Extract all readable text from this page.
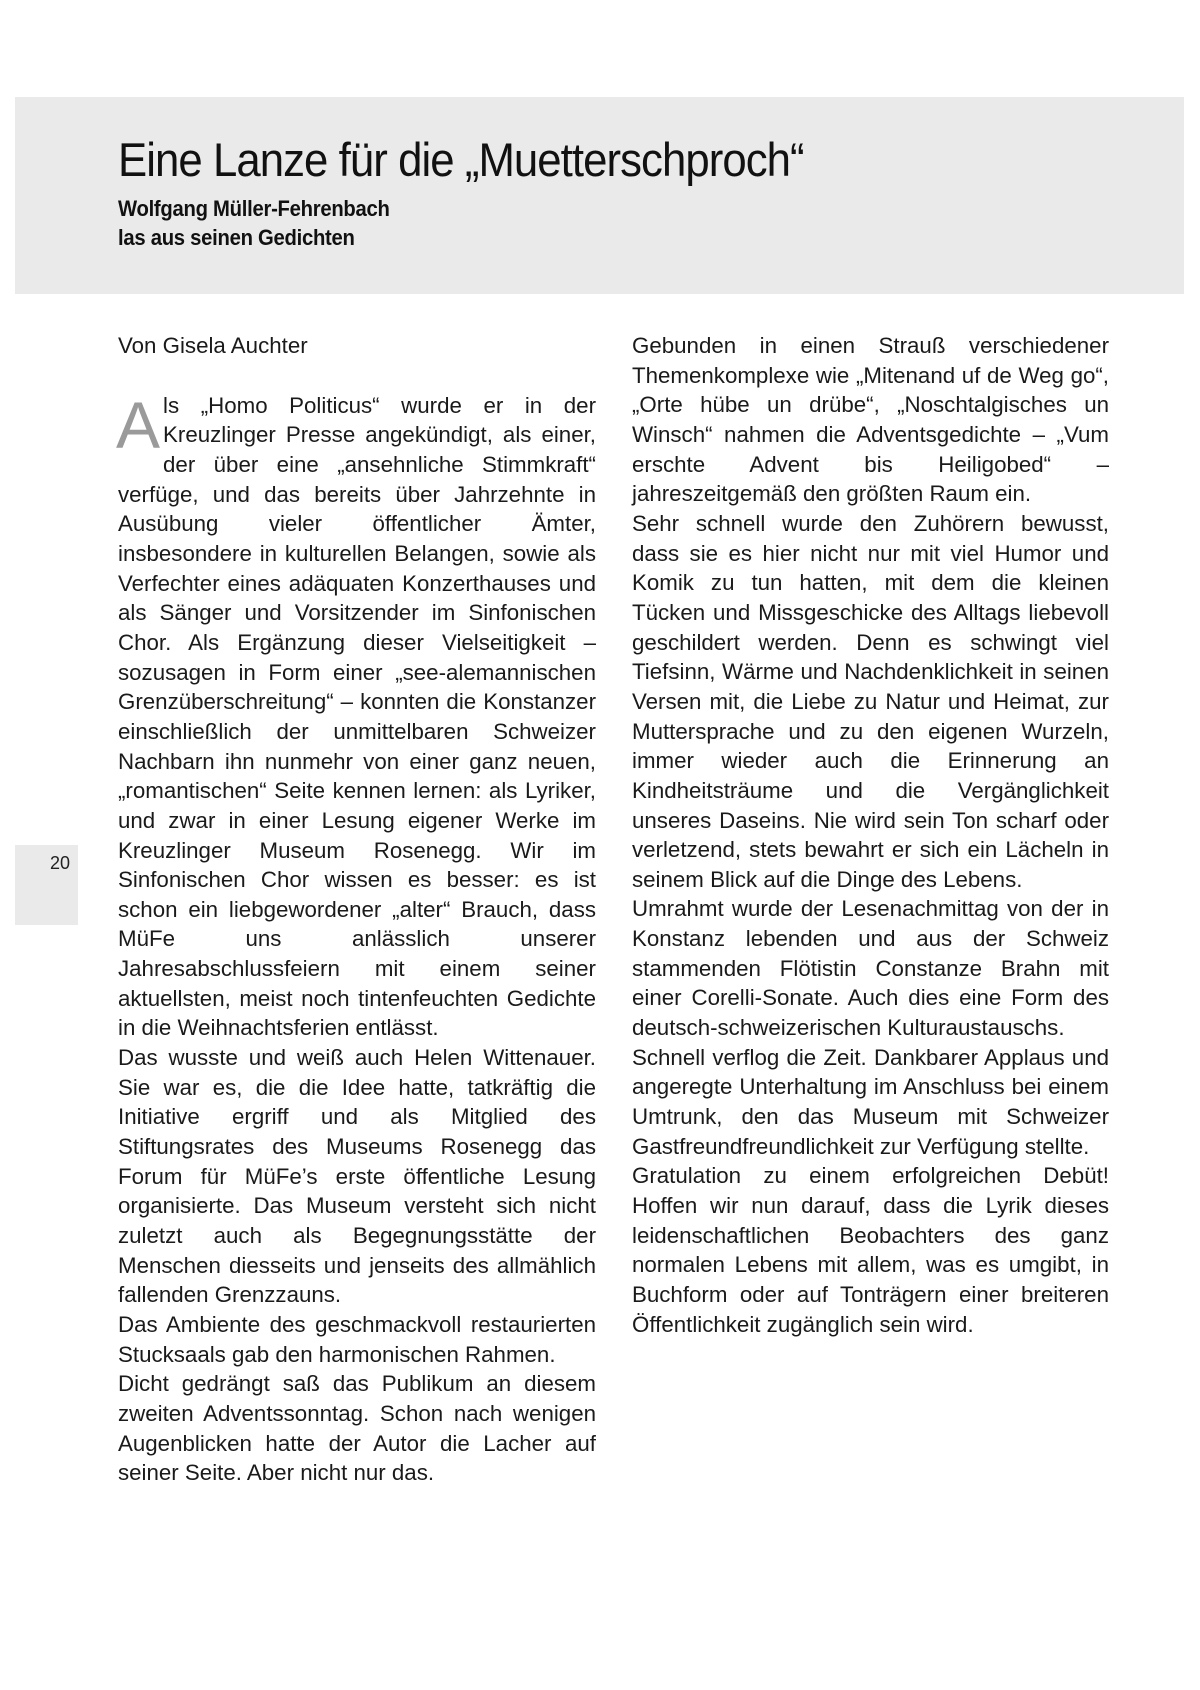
Eine Lanze für die „Muetterschproch“
Wolfgang Müller-Fehrenbach
las aus seinen Gedichten
20

Von Gisela Auchter

Als „Homo Politicus“ wurde er in der Kreuzlinger Presse angekündigt, als einer, der über eine „ansehnliche Stimmkraft“ verfüge, und das bereits über Jahrzehnte in Ausübung vieler öffentlicher Ämter, insbesondere in kulturellen Belangen, sowie als Verfechter eines adäquaten Konzerthauses und als Sänger und Vorsitzender im Sinfonischen Chor. Als Ergänzung dieser Vielseitigkeit – sozusagen in Form einer „see-alemannischen Grenzüberschreitung“ – konnten die Konstanzer einschließlich der unmittelbaren Schweizer Nachbarn ihn nunmehr von einer ganz neuen, „romantischen“ Seite kennen lernen: als Lyriker, und zwar in einer Lesung eigener Werke im Kreuzlinger Museum Rosenegg. Wir im Sinfonischen Chor wissen es besser: es ist schon ein liebgewordener „alter“ Brauch, dass MüFe uns anlässlich unserer Jahresabschlussfeiern mit einem seiner aktuellsten, meist noch tintenfeuchten Gedichte in die Weihnachtsferien entlässt.

Das wusste und weiß auch Helen Wittenauer. Sie war es, die die Idee hatte, tatkräftig die Initiative ergriff und als Mitglied des Stiftungsrates des Museums Rosenegg das Forum für MüFe’s erste öffentliche Lesung organisierte. Das Museum versteht sich nicht zuletzt auch als Begegnungsstätte der Menschen diesseits und jenseits des allmählich fallenden Grenzzauns.

Das Ambiente des geschmackvoll restaurierten Stucksaals gab den harmonischen Rahmen.

Dicht gedrängt saß das Publikum an diesem zweiten Adventssonntag. Schon nach wenigen Augenblicken hatte der Autor die Lacher auf seiner Seite. Aber nicht nur das.

Gebunden in einen Strauß verschiedener Themenkomplexe wie „Mitenand uf de Weg go“, „Orte hübe un drübe“, „Noschtalgisches un Winsch“ nahmen die Adventsgedichte – „Vum erschte Advent bis Heiligobed“ – jahreszeitgemäß den größten Raum ein.

Sehr schnell wurde den Zuhörern bewusst, dass sie es hier nicht nur mit viel Humor und Komik zu tun hatten, mit dem die kleinen Tücken und Missgeschicke des Alltags liebevoll geschildert werden. Denn es schwingt viel Tiefsinn, Wärme und Nachdenklichkeit in seinen Versen mit, die Liebe zu Natur und Heimat, zur Muttersprache und zu den eigenen Wurzeln, immer wieder auch die Erinnerung an Kindheitsträume und die Vergänglichkeit unseres Daseins. Nie wird sein Ton scharf oder verletzend, stets bewahrt er sich ein Lächeln in seinem Blick auf die Dinge des Lebens.

Umrahmt wurde der Lesenachmittag von der in Konstanz lebenden und aus der Schweiz stammenden Flötistin Constanze Brahn mit einer Corelli-Sonate. Auch dies eine Form des deutsch-schweizerischen Kulturaustauschs.

Schnell verflog die Zeit. Dankbarer Applaus und angeregte Unterhaltung im Anschluss bei einem Umtrunk, den das Museum mit Schweizer Gastfreundfreundlichkeit zur Verfügung stellte.

Gratulation zu einem erfolgreichen Debüt! Hoffen wir nun darauf, dass die Lyrik dieses leidenschaftlichen Beobachters des ganz normalen Lebens mit allem, was es umgibt, in Buchform oder auf Tonträgern einer breiteren Öffentlichkeit zugänglich sein wird.
